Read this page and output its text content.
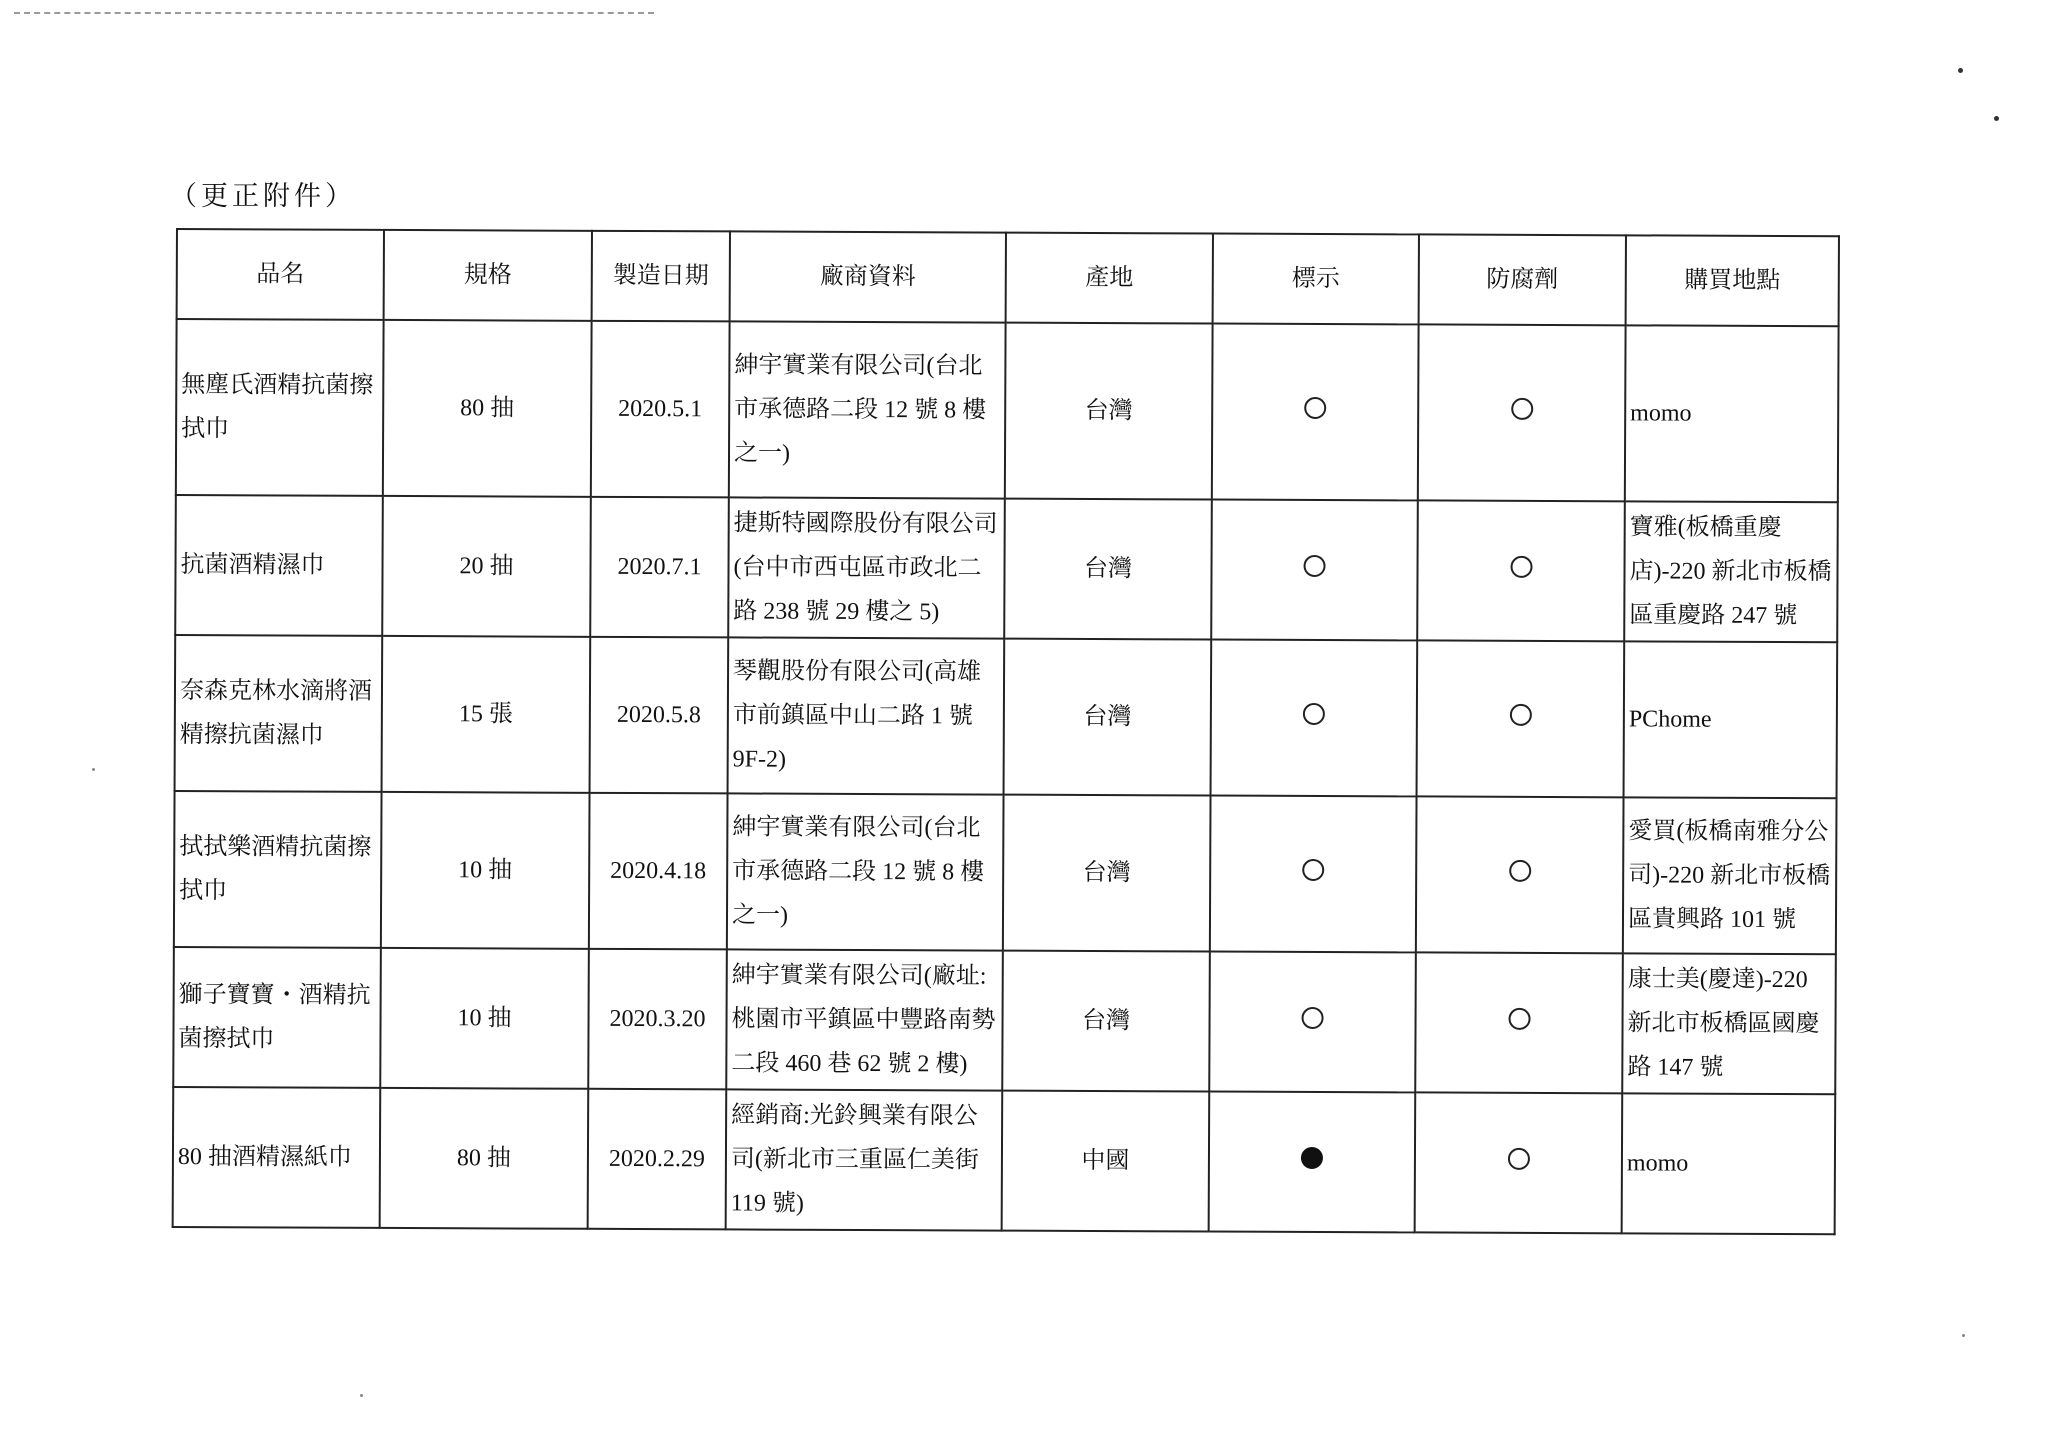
（更正附件）
品名	規格	製造日期	廠商資料	產地	標示	防腐劑	購買地點
無塵氏酒精抗菌擦拭巾	80 抽	2020.5.1	紳宇實業有限公司(台北市承德路二段 12 號 8 樓之一)	台灣			momo
抗菌酒精濕巾	20 抽	2020.7.1	捷斯特國際股份有限公司(台中市西屯區市政北二路 238 號 29 樓之 5)	台灣			寶雅(板橋重慶店)-220 新北市板橋區重慶路 247 號
奈森克林水滴將酒精擦抗菌濕巾	15 張	2020.5.8	琴觀股份有限公司(高雄市前鎮區中山二路 1 號 9F-2)	台灣			PChome
拭拭樂酒精抗菌擦拭巾	10 抽	2020.4.18	紳宇實業有限公司(台北市承德路二段 12 號 8 樓之一)	台灣			愛買(板橋南雅分公司)-220 新北市板橋區貴興路 101 號
獅子寶寶・酒精抗菌擦拭巾	10 抽	2020.3.20	紳宇實業有限公司(廠址:桃園市平鎮區中豐路南勢二段 460 巷 62 號 2 樓)	台灣			康士美(慶達)-220 新北市板橋區國慶路 147 號
80 抽酒精濕紙巾	80 抽	2020.2.29	經銷商:光鈴興業有限公司(新北市三重區仁美街 119 號)	中國			momo
